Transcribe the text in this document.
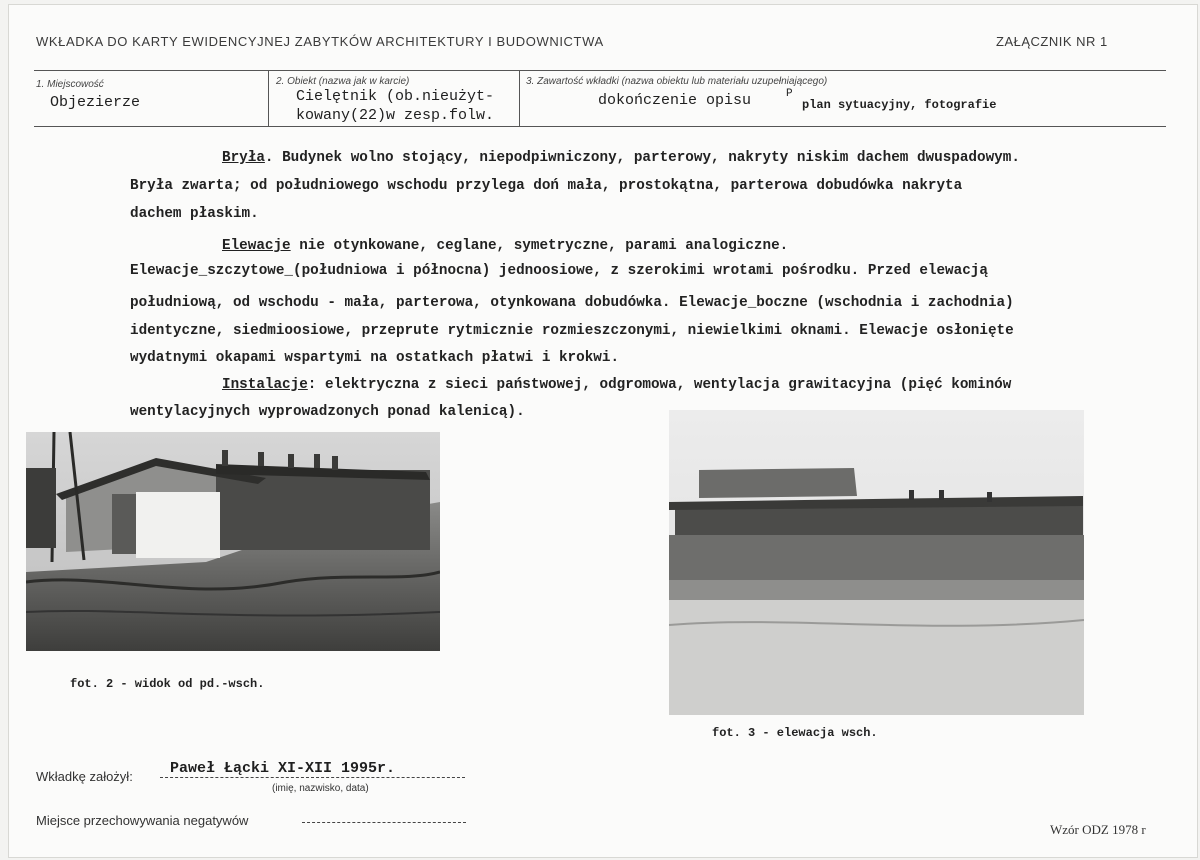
WKŁADKA DO KARTY EWIDENCYJNEJ ZABYTKÓW ARCHITEKTURY I BUDOWNICTWA	ZAŁĄCZNIK NR 1
1. Miejscowość
Objezierze
2. Obiekt (nazwa jak w karcie)
Cielętnik (ob.nieużyt-
kowany(22)w zesp.folw.
3. Zawartość wkładki (nazwa obiektu lub materiału uzupełniającego)
dokończenie opisu	P
plan sytuacyjny, fotografie
Bryła. Budynek wolno stojący, niepodpiwniczony, parterowy, nakryty niskim dachem dwuspadowym.
Bryła zwarta; od południowego wschodu przylega doń mała, prostokątna, parterowa dobudówka nakryta
dachem płaskim.
Elewacje nie otynkowane, ceglane, symetryczne, parami analogiczne.
Elewacje_szczytowe_(południowa i północna) jednoosiowe, z szerokimi wrotami pośrodku. Przed elewacją
południową, od wschodu - mała, parterowa, otynkowana dobudówka. Elewacje_boczne (wschodnia i zachodnia)
identyczne, siedmioosiowe, przeprute rytmicznie rozmieszczonymi, niewielkimi oknami. Elewacje osłonięte
wydatnymi okapami wspartymi na ostatkach płatwi i krokwi.
Instalacje: elektryczna z sieci państwowej, odgromowa, wentylacja grawitacyjna (pięć kominów
wentylacyjnych wyprowadzonych ponad kalenicą).
fot. 2 - widok od pd.-wsch.
fot. 3 - elewacja wsch.
Wkładkę założył: Paweł Łącki XI-XII 1995r.
(imię, nazwisko, data)
Miejsce przechowywania negatywów
Wzór ODZ 1978 r
